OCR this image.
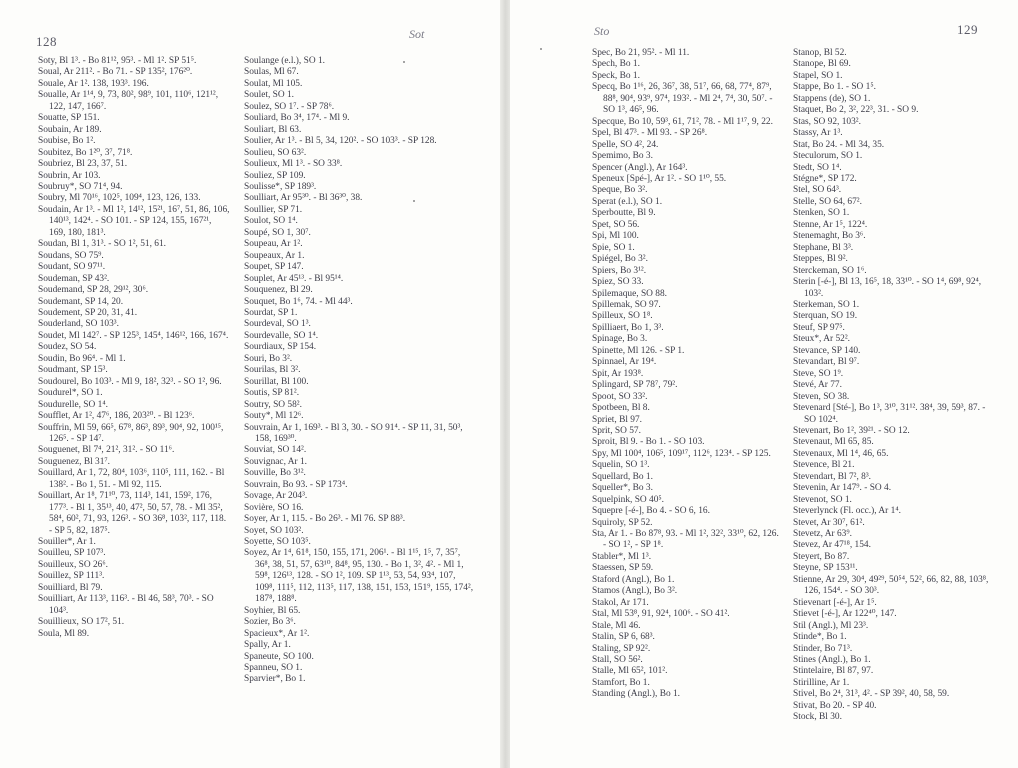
128	Sot	Sto	129

Soty, Bl 1³. - Bo 81¹², 95³. - Ml 1². SP 51⁵.

Soual, Ar 211². - Bo 71. - SP 135², 176²⁰.

Souale, Ar 1². 138, 193³. 196.

Soualle, Ar 1¹⁴, 9, 73, 80², 98⁹, 101, 110⁶, 121¹², 122, 147, 166⁷.

Souatte, SP 151.

Soubain, Ar 189.

Soubise, Bo 1².

Soubitez, Bo 1²⁰, 3⁷, 71⁸.

Soubriez, Bl 23, 37, 51.

Soubrin, Ar 103.

Soubruy*, SO 71⁴, 94.

Soubry, Ml 70¹⁶, 102⁵, 109⁴, 123, 126, 133.

Soudain, Ar 1³. - Ml 1², 14¹², 15²¹, 16⁷, 51, 86, 106, 140¹³, 142⁴. - SO 101. - SP 124, 155, 167²¹, 169, 180, 181³.

Soudan, Bl 1, 31³. - SO 1², 51, 61.

Soudans, SO 75⁹.

Soudant, SO 97¹¹.

Soudeman, SP 43².

Soudemand, SP 28, 29¹², 30⁶.

Soudemant, SP 14, 20.

Soudement, SP 20, 31, 41.

Souderland, SO 103³.

Soudet, Ml 142⁷. - SP 125³, 145⁴, 146¹², 166, 167⁴.

Soudez, SO 54.

Soudin, Bo 96⁴. - Ml 1.

Soudmant, SP 15³.

Soudourel, Bo 103³. - Ml 9, 18², 32³. - SO 1², 96.

Soudurel*, SO 1.

Soudurelle, SO 1⁴.

Soufflet, Ar 1², 47⁶, 186, 203²⁰. - Bl 123⁶.

Souffrin, Ml 59, 66⁵, 67⁸, 86³, 89³, 90⁴, 92, 100¹⁵, 126⁵. - SP 14⁷.

Souguenet, Bl 7⁴, 21², 31². - SO 11⁶.

Souguenez, Bl 31⁷.

Souillard, Ar 1, 72, 80⁴, 103⁶, 110⁵, 111, 162. - Bl 138². - Bo 1, 51. - Ml 92, 115.

Souillart, Ar 1⁸, 71¹⁰, 73, 114³, 141, 159², 176, 177³. - Bl 1, 35¹³, 40, 47², 50, 57, 78. - Ml 35², 58⁴, 60², 71, 93, 126³. - SO 36⁸, 103², 117, 118. - SP 5, 82, 187⁵.

Souiller*, Ar 1.

Souilleu, SP 107³.

Souilleux, SO 26⁶.

Souillez, SP 111³.

Souilliard, Bl 79.

Souilliart, Ar 113³, 116³. - Bl 46, 58³, 70³. - SO 104³.

Souillieux, SO 17², 51.

Soula, Ml 89.

Soulange (e.l.), SO 1.

Soulas, Ml 67.

Soulat, Ml 105.

Soulet, SO 1.

Soulez, SO 1⁷. - SP 78⁶.

Souliard, Bo 3⁴, 17⁴. - Ml 9.

Souliart, Bl 63.

Soulier, Ar 1³. - Bl 5, 34, 120². - SO 103³. - SP 128.

Soulieu, SO 63².

Soulieux, Ml 1³. - SO 33⁸.

Souliez, SP 109.

Soulisse*, SP 189³.

Soulliart, Ar 95³⁰. - Bl 36³⁰, 38.

Soullier, SP 71.

Soulot, SO 1⁴.

Soupé, SO 1, 30⁷.

Soupeau, Ar 1².

Soupeaux, Ar 1.

Soupet, SP 147.

Souplet, Ar 45¹³. - Bl 95¹⁴.

Souquenez, Bl 29.

Souquet, Bo 1⁶, 74. - Ml 44³.

Sourdat, SP 1.

Sourdeval, SO 1³.

Sourdevalle, SO 1⁴.

Sourdiaux, SP 154.

Souri, Bo 3².

Sourilas, Bl 3².

Sourillat, Bl 100.

Soutis, SP 81².

Soutry, SO 58².

Souty*, Ml 12⁶.

Souvrain, Ar 1, 169³. - Bl 3, 30. - SO 91⁴. - SP 11, 31, 50³, 158, 169³⁰.

Souviat, SO 14².

Souvignac, Ar 1.

Souville, Bo 3¹².

Souvrain, Bo 93. - SP 173⁴.

Sovage, Ar 204³.

Sovière, SO 16.

Soyer, Ar 1, 115. - Bo 26³. - Ml 76. SP 88³.

Soyet, SO 103².

Soyette, SO 103⁵.

Soyez, Ar 1⁴, 61⁸, 150, 155, 171, 206¹. - Bl 1¹⁵, 1⁵, 7, 35⁷, 36⁸, 38, 51, 57, 63¹⁰, 84⁸, 95, 130. - Bo 1, 3², 4². - Ml 1, 59⁸, 126¹³, 128. - SO 1², 109. SP 1¹³, 53, 54, 93⁴, 107, 109⁸, 111⁵, 112, 113⁵, 117, 138, 151, 153, 151⁹, 155, 174², 187⁸, 188⁸.

Soyhier, Bl 65.

Sozier, Bo 3⁶.

Spacieux*, Ar 1².

Spally, Ar 1.

Spaneute, SO 100.

Spanneu, SO 1.

Sparvier*, Bo 1.

Spec, Bo 21, 95². - Ml 11.

Spech, Bo 1.

Speck, Bo 1.

Specq, Bo 1¹⁶, 26, 36⁷, 38, 51⁷, 66, 68, 77⁴, 87⁹, 88⁸, 90⁴, 93⁹, 97⁴, 193². - Ml 2⁴, 7⁴, 30, 50⁷. - SO 1³, 46⁵, 96.

Specque, Bo 10, 59³, 61, 71², 78. - Ml 1¹⁷, 9, 22.

Spel, Bl 47³. - Ml 93. - SP 26⁸.

Spelle, SO 4², 24.

Spemimo, Bo 3.

Spencer (Angl.), Ar 164³.

Speneux [Spé-], Ar 1². - SO 1¹⁰, 55.

Speque, Bo 3².

Sperat (e.l.), SO 1.

Sperboutte, Bl 9.

Spet, SO 56.

Spi, Ml 100.

Spie, SO 1.

Spiégel, Bo 3².

Spiers, Bo 3¹².

Spiez, SO 33.

Spilemaque, SO 88.

Spillemak, SO 97.

Spilleux, SO 1⁸.

Spilliaert, Bo 1, 3³.

Spinage, Bo 3.

Spinette, Ml 126. - SP 1.

Spinnael, Ar 19⁴.

Spit, Ar 193⁸.

Splingard, SP 78⁷, 79².

Spoot, SO 33².

Spotbeen, Bl 8.

Spriet, Bl 97.

Sprit, SO 57.

Sproit, Bl 9. - Bo 1. - SO 103.

Spy, Ml 100⁴, 106⁵, 109¹⁷, 112⁶, 123⁴. - SP 125.

Squelin, SO 1³.

Squellard, Bo 1.

Squeller*, Bo 3.

Squelpink, SO 40⁵.

Squepre [-é-], Bo 4. - SO 6, 16.

Squiroly, SP 52.

Sta, Ar 1. - Bo 87⁸, 93. - Ml 1², 32², 33¹⁰, 62, 126. - SO 1², - SP 1⁸.

Stabler*, Ml 1³.

Staessen, SP 59.

Staford (Angl.), Bo 1.

Stamos (Angl.), Bo 3².

Stakol, Ar 171.

Stal, Ml 53⁸, 91, 92⁴, 100⁶. - SO 41².

Stale, Ml 46.

Stalin, SP 6, 68³.

Staling, SP 92².

Stall, SO 56².

Stalle, Ml 65², 101².

Stamfort, Bo 1.

Standing (Angl.), Bo 1.

Stanop, Bl 52.

Stanope, Bl 69.

Stapel, SO 1.

Stappe, Bo 1. - SO 1⁵.

Stappens (de), SO 1.

Staquet, Bo 2, 3², 22³, 31. - SO 9.

Stas, SO 92, 103².

Stassy, Ar 1³.

Stat, Bo 24. - Ml 34, 35.

Steculorum, SO 1.

Stedt, SO 1⁴.

Stégne*, SP 172.

Stel, SO 64³.

Stelle, SO 64, 67².

Stenken, SO 1.

Stenne, Ar 1⁵, 122⁴.

Stenemaght, Bo 3⁶.

Stephane, Bl 3³.

Steppes, Bl 9².

Sterckeman, SO 1⁶.

Sterin [-é-], Bl 13, 16⁵, 18, 33¹⁰. - SO 1⁴, 69⁸, 92⁴, 103².

Sterkeman, SO 1.

Sterquan, SO 19.

Steuf, SP 97⁵.

Steux*, Ar 52².

Stevance, SP 140.

Stevandart, Bl 9⁷.

Steve, SO 1⁹.

Stevé, Ar 77.

Steven, SO 38.

Stevenard [Sté-], Bo 1³, 3¹⁰, 31¹². 38⁴, 39, 59³, 87. - SO 102⁴.

Stevenart, Bo 1², 39²¹. - SO 12.

Stevenaut, Ml 65, 85.

Stevenaux, Ml 1⁴, 46, 65.

Stevence, Bl 21.

Stevendart, Bl 7², 8³.

Stevenin, Ar 147⁹. - SO 4.

Stevenot, SO 1.

Steverlynck (Fl. occ.), Ar 1⁴.

Stevet, Ar 30⁷, 61².

Stevetz, Ar 63⁹.

Stevez, Ar 47¹⁸, 154.

Steyert, Bo 87.

Steyne, SP 153¹¹.

Stienne, Ar 29, 30⁴, 49²⁹, 50⁵⁴, 52², 66, 82, 88, 103⁸, 126, 154⁴. - SO 30³.

Stievenart [-é-], Ar 1⁵.

Stievet [-é-], Ar 122⁴⁰, 147.

Stil (Angl.), Ml 23³.

Stinde*, Bo 1.

Stinder, Bo 71³.

Stines (Angl.), Bo 1.

Stintelaire, Bl 87, 97.

Stirilline, Ar 1.

Stivel, Bo 2⁴, 31³, 4². - SP 39², 40, 58, 59.

Stivat, Bo 20. - SP 40.

Stock, Bl 30.
